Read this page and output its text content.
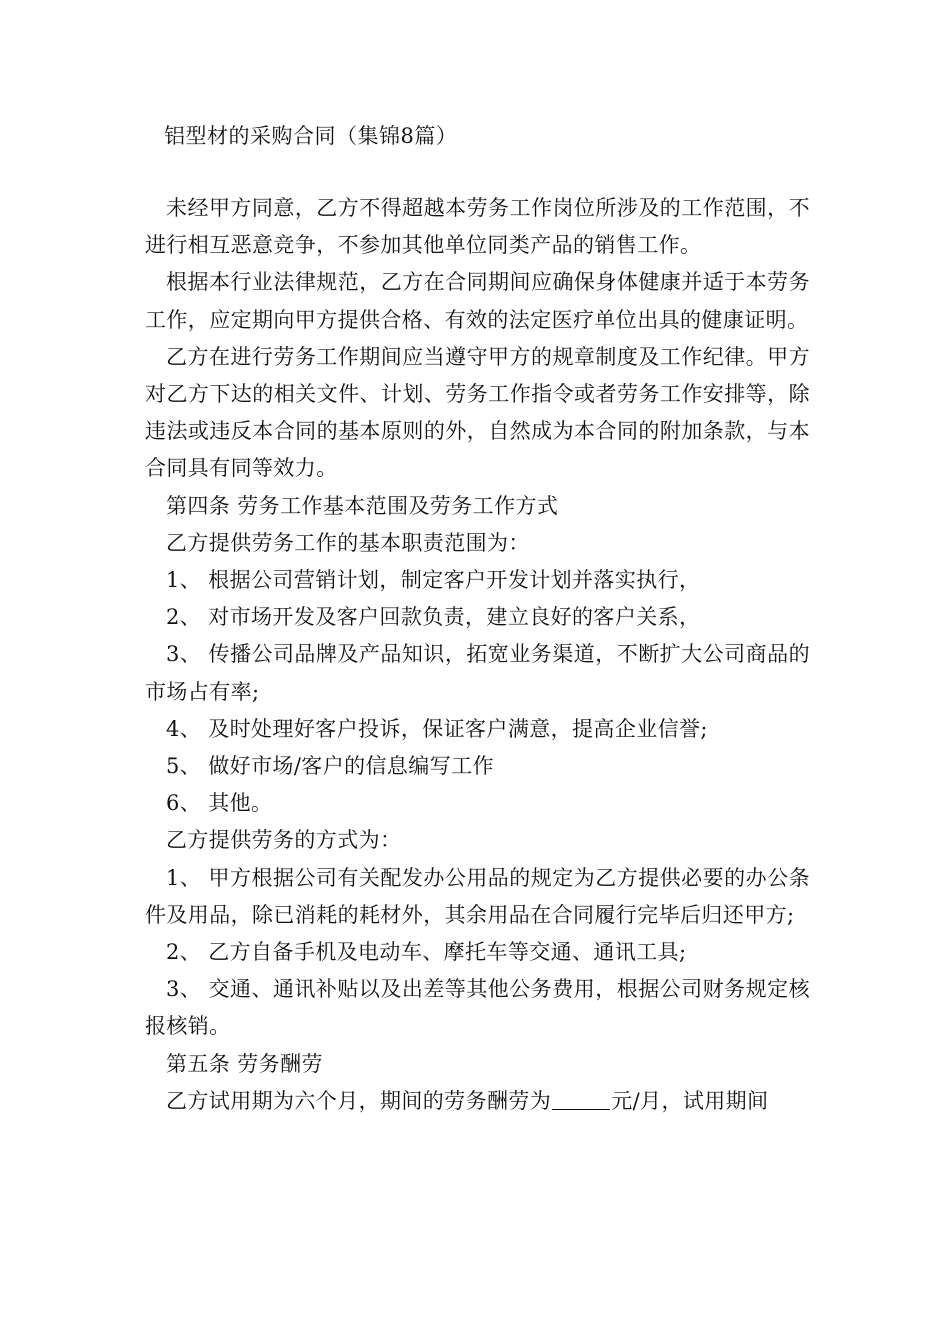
铝型材的采购合同（集锦8篇）

未经甲方同意，乙方不得超越本劳务工作岗位所涉及的工作范围，不进行相互恶意竞争，不参加其他单位同类产品的销售工作。

根据本行业法律规范，乙方在合同期间应确保身体健康并适于本劳务工作，应定期向甲方提供合格、有效的法定医疗单位出具的健康证明。

乙方在进行劳务工作期间应当遵守甲方的规章制度及工作纪律。甲方对乙方下达的相关文件、计划、劳务工作指令或者劳务工作安排等，除违法或违反本合同的基本原则的外，自然成为本合同的附加条款，与本合同具有同等效力。

第四条 劳务工作基本范围及劳务工作方式

乙方提供劳务工作的基本职责范围为：

1、 根据公司营销计划，制定客户开发计划并落实执行，

2、 对市场开发及客户回款负责，建立良好的客户关系，

3、 传播公司品牌及产品知识，拓宽业务渠道，不断扩大公司商品的市场占有率;

4、 及时处理好客户投诉，保证客户满意，提高企业信誉;

5、 做好市场/客户的信息编写工作

6、 其他。

乙方提供劳务的方式为：

1、 甲方根据公司有关配发办公用品的规定为乙方提供必要的办公条件及用品，除已消耗的耗材外，其余用品在合同履行完毕后归还甲方;

2、 乙方自备手机及电动车、摩托车等交通、通讯工具;

3、 交通、通讯补贴以及出差等其他公务费用，根据公司财务规定核报核销。

第五条 劳务酬劳

乙方试用期为六个月，期间的劳务酬劳为	元/月，试用期间
